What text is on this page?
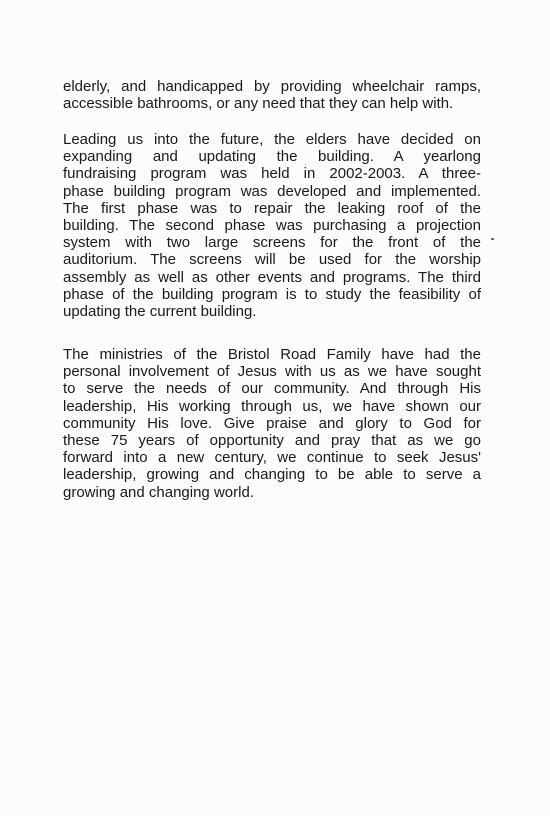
elderly, and handicapped by providing wheelchair ramps,
accessible bathrooms, or any need that they can help with.

Leading us into the future, the elders have decided on
expanding and updating the building. A yearlong
fundraising program was held in 2002-2003. A three-
phase building program was developed and implemented.
The first phase was to repair the leaking roof of the
building. The second phase was purchasing a projection
system with two large screens for the front of the
auditorium. The screens will be used for the worship
assembly as well as other events and programs. The third
phase of the building program is to study the feasibility of
updating the current building.

The ministries of the Bristol Road Family have had the
personal involvement of Jesus with us as we have sought
to serve the needs of our community. And through His
leadership, His working through us, we have shown our
community His love. Give praise and glory to God for
these 75 years of opportunity and pray that as we go
forward into a new century, we continue to seek Jesus'
leadership, growing and changing to be able to serve a
growing and changing world.
